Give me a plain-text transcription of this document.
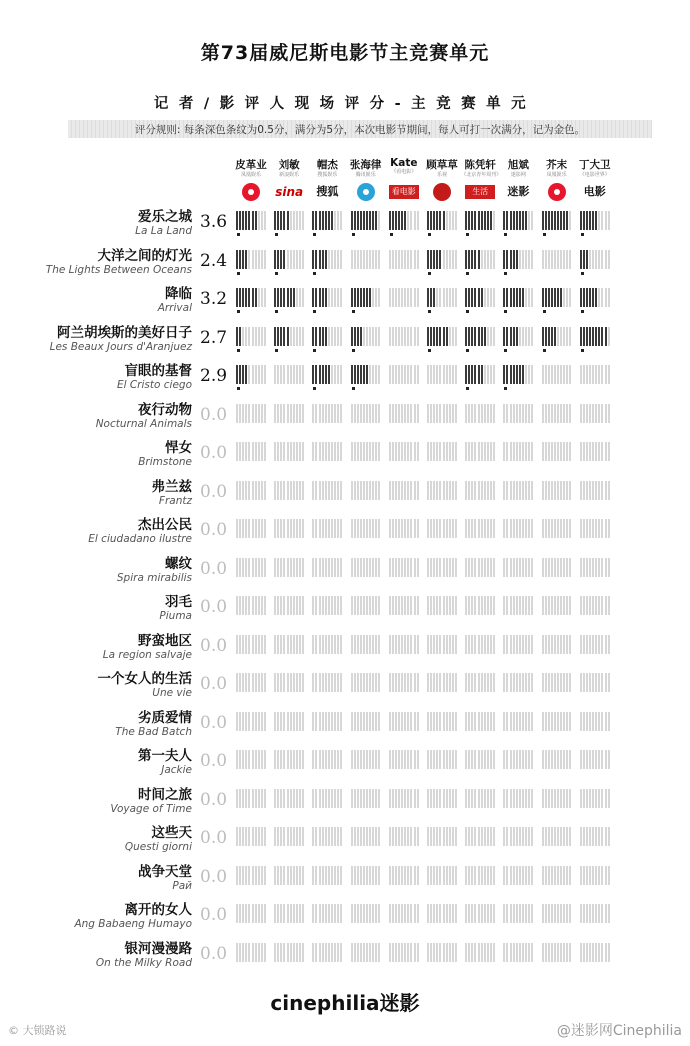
第73届威尼斯电影节主竞赛单元
记者/影评人现场评分-主竞赛单元
评分规则: 每条深色条纹为0.5分，满分为5分，本次电影节期间，每人可打一次满分，记为金色。
皮革业
凤凰娱乐
刘敏
新浪娱乐
sina
帽杰
搜狐娱乐
搜狐
张海律
腾讯娱乐
Kate
《看电影》
看电影
顾草草
乐视
陈凭轩
《北京青年周刊》
生活
旭斌
迷影网
迷影
芥末
凤凰娱乐
丁大卫
《电影世界》
电影
爱乐之城
La La Land 3.6
大洋之间的灯光
The Lights Between Oceans 2.4
降临
Arrival 3.2
阿兰胡埃斯的美好日子
Les Beaux Jours d'Aranjuez 2.7
盲眼的基督
El Cristo ciego 2.9
夜行动物
Nocturnal Animals 0.0
悍女
Brimstone 0.0
弗兰兹
Frantz 0.0
杰出公民
El ciudadano ilustre 0.0
螺纹
Spira mirabilis 0.0
羽毛
Piuma 0.0
野蛮地区
La region salvaje 0.0
一个女人的生活
Une vie 0.0
劣质爱情
The Bad Batch 0.0
第一夫人
Jackie 0.0
时间之旅
Voyage of Time 0.0
这些天
Questi giorni 0.0
战争天堂
Рай 0.0
离开的女人
Ang Babaeng Humayo 0.0
银河漫漫路
On the Milky Road 0.0
cinephilia迷影
© 大锁路说	@迷影网Cinephilia
